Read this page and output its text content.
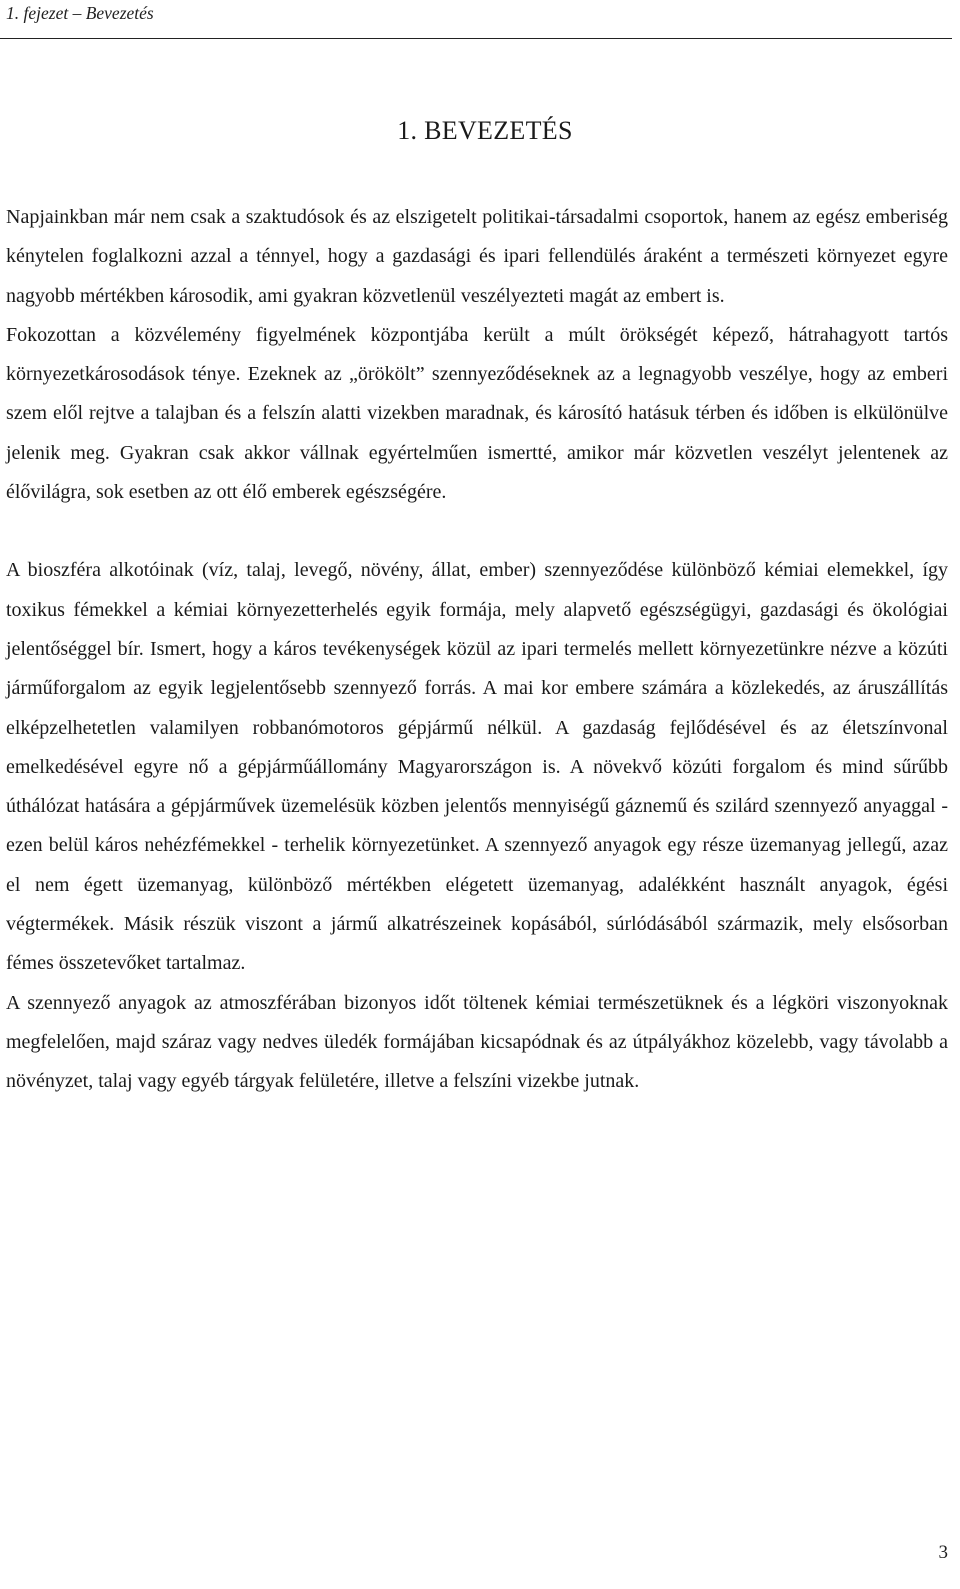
1. fejezet – Bevezetés
1. BEVEZETÉS

Napjainkban már nem csak a szaktudósok és az elszigetelt politikai-társadalmi csoportok, hanem az egész emberiség kénytelen foglalkozni azzal a ténnyel, hogy a gazdasági és ipari fellendülés áraként a természeti környezet egyre nagyobb mértékben károsodik, ami gyakran közvetlenül veszélyezteti magát az embert is.

Fokozottan a közvélemény figyelmének központjába került a múlt örökségét képező, hátrahagyott tartós környezetkárosodások ténye. Ezeknek az „örökölt” szennyeződéseknek az a legnagyobb veszélye, hogy az emberi szem elől rejtve a talajban és a felszín alatti vizekben maradnak, és károsító hatásuk térben és időben is elkülönülve jelenik meg. Gyakran csak akkor vállnak egyértelműen ismertté, amikor már közvetlen veszélyt jelentenek az élővilágra, sok esetben az ott élő emberek egészségére.

A bioszféra alkotóinak (víz, talaj, levegő, növény, állat, ember) szennyeződése különböző kémiai elemekkel, így toxikus fémekkel a kémiai környezetterhelés egyik formája, mely alapvető egészségügyi, gazdasági és ökológiai jelentőséggel bír. Ismert, hogy a káros tevékenységek közül az ipari termelés mellett környezetünkre nézve a közúti járműforgalom az egyik legjelentősebb szennyező forrás. A mai kor embere számára a közlekedés, az áruszállítás elképzelhetetlen valamilyen robbanómotoros gépjármű nélkül. A gazdaság fejlődésével és az életszínvonal emelkedésével egyre nő a gépjárműállomány Magyarországon is. A növekvő közúti forgalom és mind sűrűbb úthálózat hatására a gépjárművek üzemelésük közben jelentős mennyiségű gáznemű és szilárd szennyező anyaggal - ezen belül káros nehézfémekkel - terhelik környezetünket. A szennyező anyagok egy része üzemanyag jellegű, azaz el nem égett üzemanyag, különböző mértékben elégetett üzemanyag, adalékként használt anyagok, égési végtermékek. Másik részük viszont a jármű alkatrészeinek kopásából, súrlódásából származik, mely elsősorban fémes összetevőket tartalmaz.

A szennyező anyagok az atmoszférában bizonyos időt töltenek kémiai természetüknek és a légköri viszonyoknak megfelelően, majd száraz vagy nedves üledék formájában kicsapódnak és az útpályákhoz közelebb, vagy távolabb a növényzet, talaj vagy egyéb tárgyak felületére, illetve a felszíni vizekbe jutnak.

3
